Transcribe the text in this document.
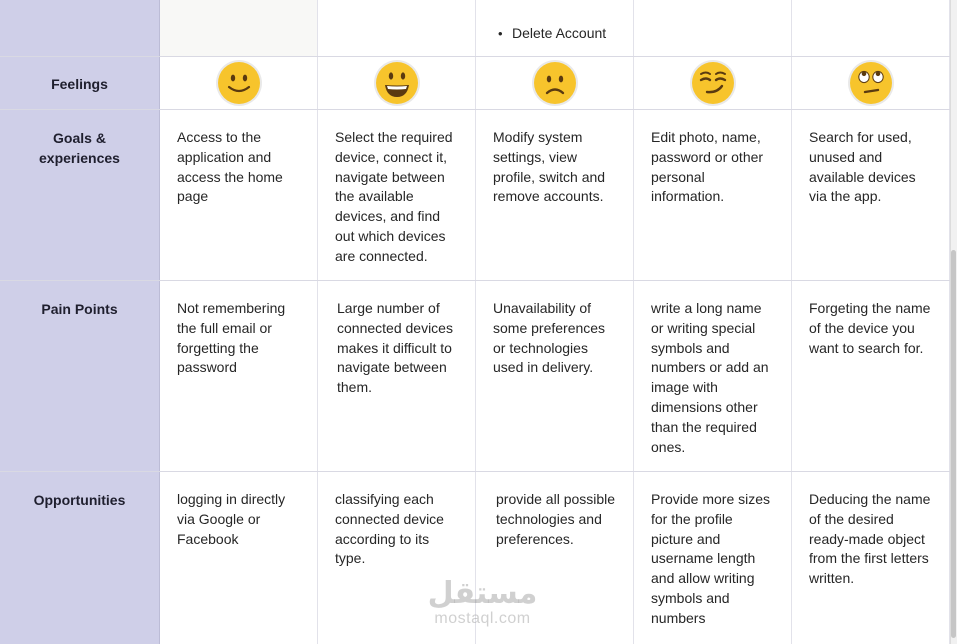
• Delete Account
Feelings
Goals & experiences
Access to the application and access the home page
Select the required device, connect it, navigate between the available devices, and find out which devices are connected.
Modify system settings, view profile, switch and remove accounts.
Edit photo, name, password or other personal information.
Search for used, unused and available devices via the app.
Pain Points	Not remembering the full email or forgetting the password
Large number of connected devices makes it difficult to navigate between them.
Unavailability of some preferences or technologies used in delivery.
write a long name or writing special symbols and numbers or add an image with dimensions other than the required ones.
Forgeting the name of the device you want to search for.
Opportunities	logging in directly via Google or Facebook
classifying each connected device according to its type.
provide all possible technologies and preferences.
Provide more sizes for the profile picture and username length and allow writing symbols and numbers
Deducing the name of the desired ready-made object from the first letters written.
مستقل
mostaql.com
